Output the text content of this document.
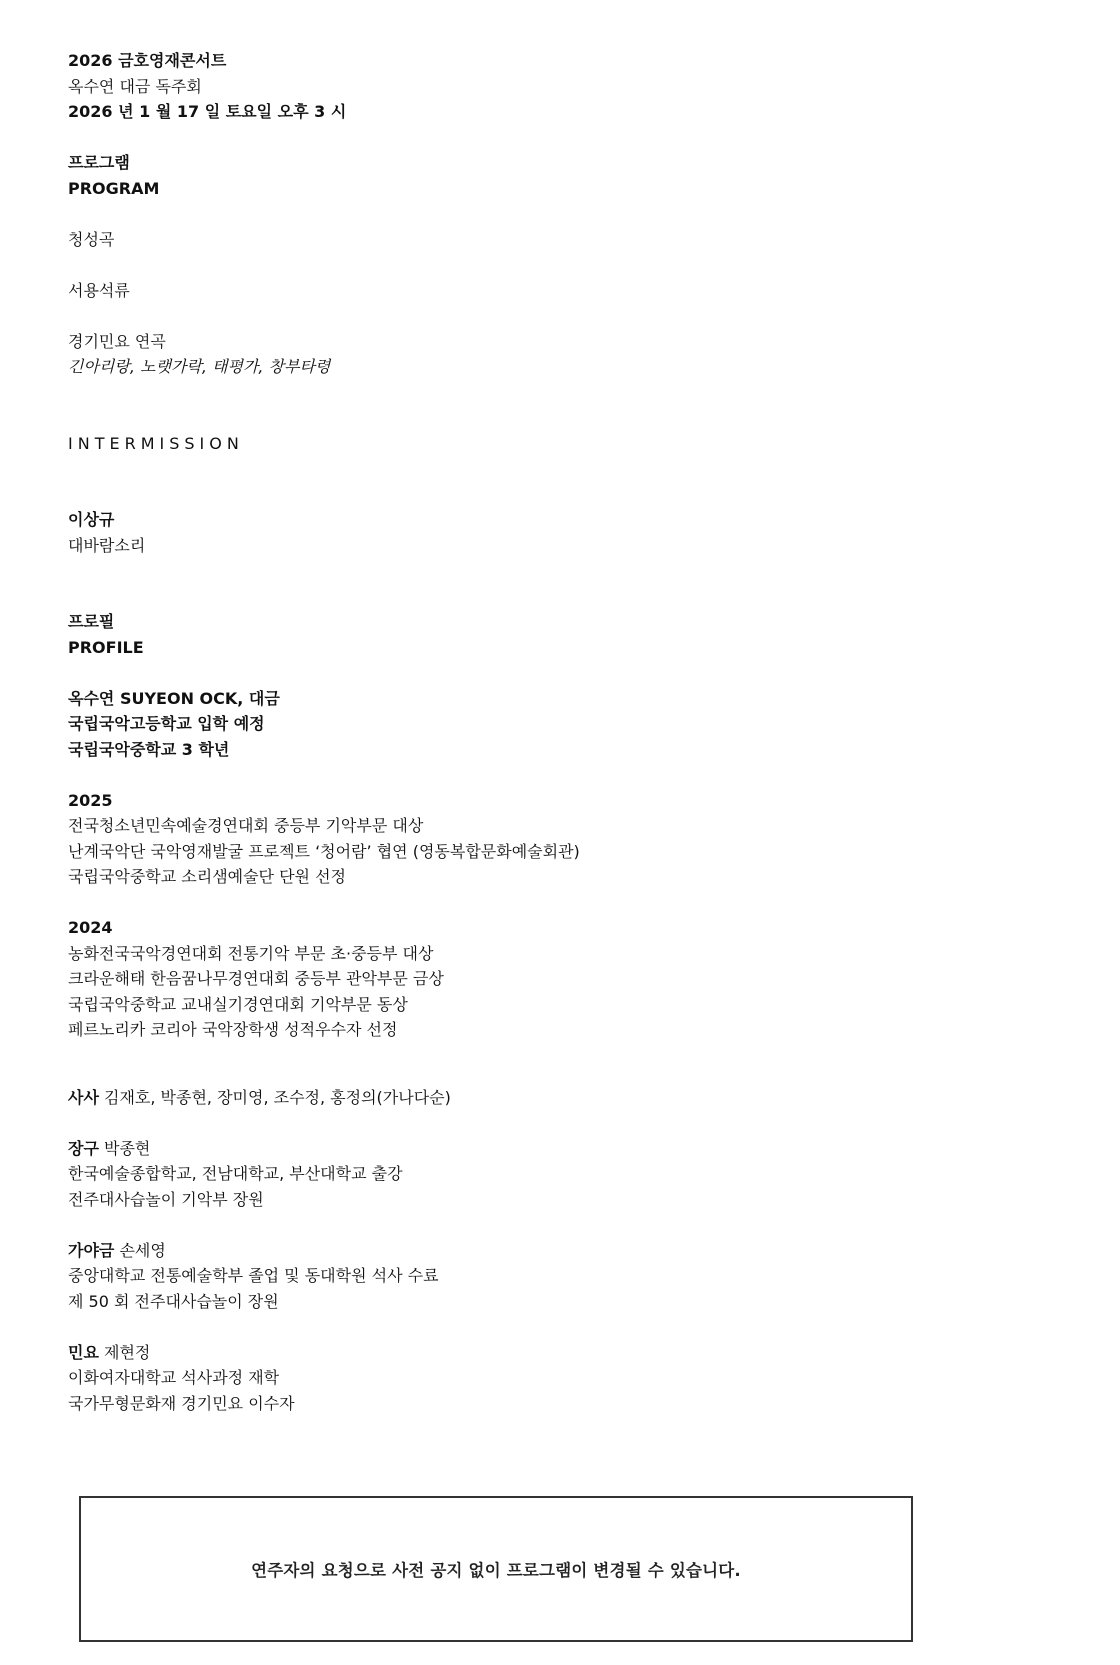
2026 금호영재콘서트
옥수연 대금 독주회
2026 년 1 월 17 일 토요일 오후 3 시
프로그램
PROGRAM
청성곡
서용석류
경기민요 연곡
긴아리랑, 노랫가락, 태평가, 창부타령
INTERMISSION
이상규
대바람소리
프로필
PROFILE
옥수연 SUYEON OCK, 대금
국립국악고등학교 입학 예정
국립국악중학교 3 학년
2025
전국청소년민속예술경연대회 중등부 기악부문 대상
난계국악단 국악영재발굴 프로젝트 ‘청어람’ 협연 (영동복합문화예술회관)
국립국악중학교 소리샘예술단 단원 선정
2024
농화전국국악경연대회 전통기악 부문 초·중등부 대상
크라운해태 한음꿈나무경연대회 중등부 관악부문 금상
국립국악중학교 교내실기경연대회 기악부문 동상
페르노리카 코리아 국악장학생 성적우수자 선정
사사 김재호, 박종현, 장미영, 조수정, 홍정의(가나다순)
장구 박종현
한국예술종합학교, 전남대학교, 부산대학교 출강
전주대사습놀이 기악부 장원
가야금 손세영
중앙대학교 전통예술학부 졸업 및 동대학원 석사 수료
제 50 회 전주대사습놀이 장원
민요 제현정
이화여자대학교 석사과정 재학
국가무형문화재 경기민요 이수자
연주자의 요청으로 사전 공지 없이 프로그램이 변경될 수 있습니다.
